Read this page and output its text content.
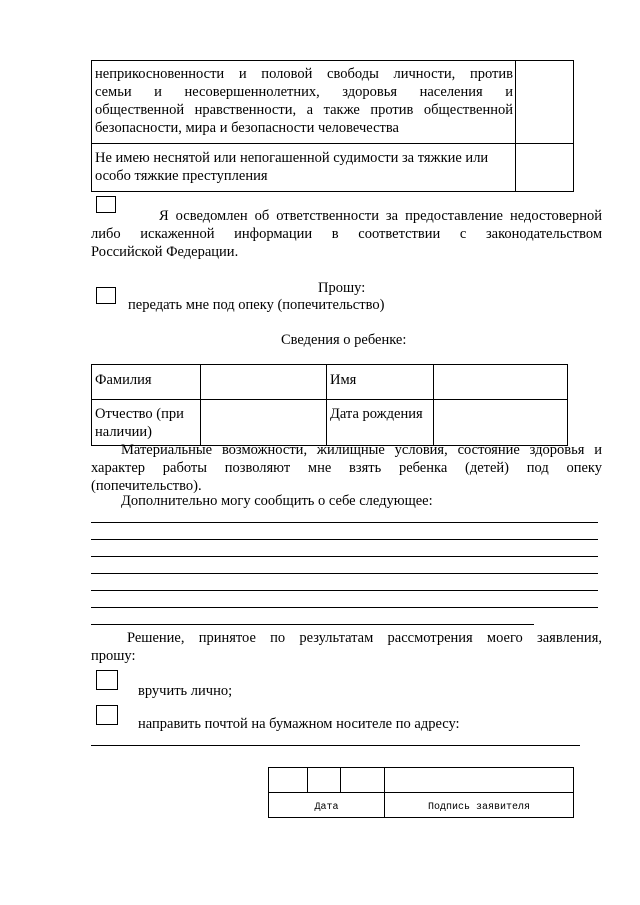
неприкосновенности и половой свободы личности, против
семьи и несовершеннолетних, здоровья населения и
общественной нравственности, а также против общественной
безопасности, мира и безопасности человечества	

Не имею неснятой или непогашенной судимости за тяжкие или
особо тяжкие преступления	

Я осведомлен об ответственности за предоставление недостоверной
либо искаженной информации в соответствии с законодательством
Российской Федерации.
Прошу:
передать мне под опеку (попечительство)
Сведения о ребенке:
Фамилия		Имя	
Отчество (при наличии)		Дата рождения	
Материальные возможности, жилищные условия, состояние здоровья и
характер работы позволяют мне взять ребенка (детей) под опеку
(попечительство).
Дополнительно могу сообщить о себе следующее:
Решение, принятое по результатам рассмотрения моего заявления,
прошу:
вручить лично;
направить почтой на бумажном носителе по адресу:
Дата	Подпись заявителя
